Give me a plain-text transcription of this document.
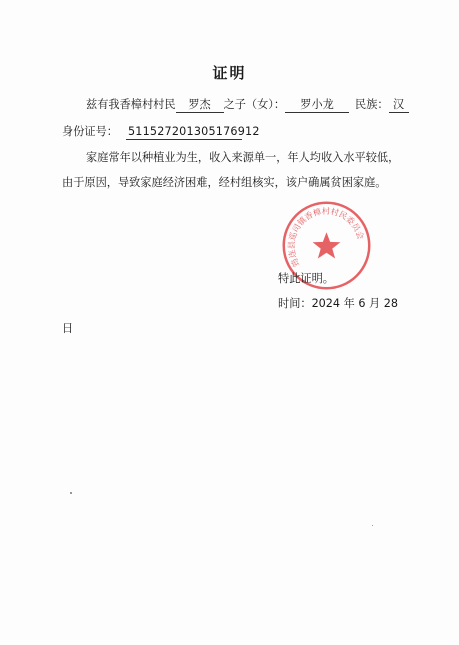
证明
兹有我香樟村村民 罗杰 之子（女）： 罗小龙 民族： 汉
身份证号： 511527201305176912
家庭常年以种植业为生，收入来源单一，年人均收入水平较低，
由于原因，导致家庭经济困难，经村组核实，该户确属贫困家庭。
筠连县巡司镇香樟村村民委员会
特此证明。
时间：2024 年 6 月 28
日
